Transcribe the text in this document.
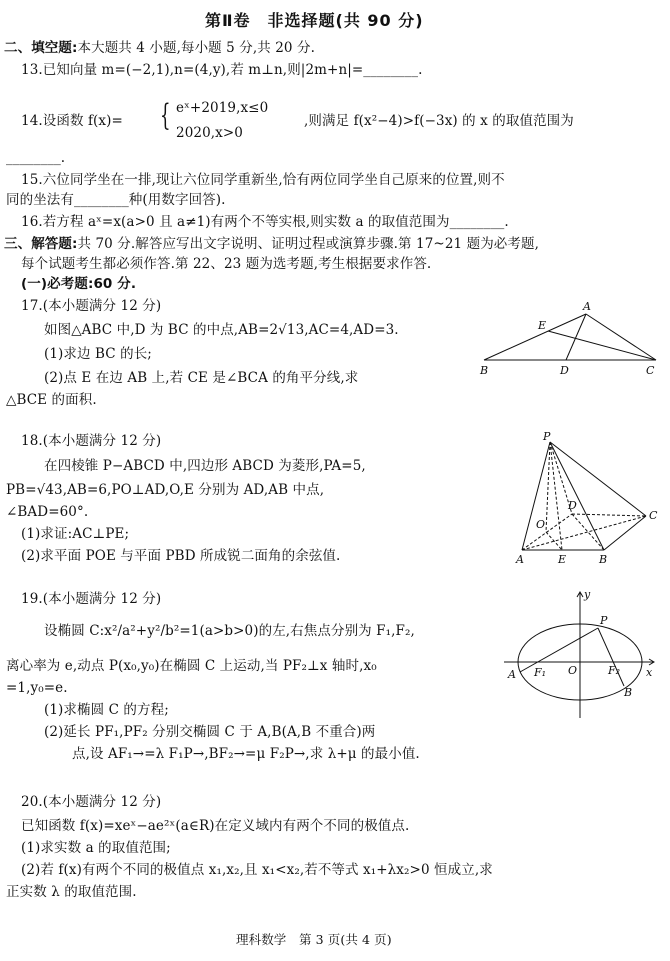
第Ⅱ卷　非选择题(共 90 分)
二、填空题:本大题共 4 小题,每小题 5 分,共 20 分.
13.已知向量 m=(−2,1),n=(4,y),若 m⊥n,则|2m+n|=________.
14.设函数 f(x)= { eˣ+2019,x≤0
2020,x>0
,则满足 f(x²−4)>f(−3x) 的 x 的取值范围为
________.
15.六位同学坐在一排,现让六位同学重新坐,恰有两位同学坐自己原来的位置,则不
同的坐法有________种(用数字回答).
16.若方程 aˣ=x(a>0 且 a≠1)有两个不等实根,则实数 a 的取值范围为________.
三、解答题:共 70 分.解答应写出文字说明、证明过程或演算步骤.第 17~21 题为必考题,
每个试题考生都必须作答.第 22、23 题为选考题,考生根据要求作答.
(一)必考题:60 分.
17.(本小题满分 12 分)
如图△ABC 中,D 为 BC 的中点,AB=2√13,AC=4,AD=3.
(1)求边 BC 的长;
(2)点 E 在边 AB 上,若 CE 是∠BCA 的角平分线,求
△BCE 的面积.
A
E
B	D	C
18.(本小题满分 12 分)
在四棱锥 P−ABCD 中,四边形 ABCD 为菱形,PA=5,
PB=√43,AB=6,PO⊥AD,O,E 分别为 AD,AB 中点,
∠BAD=60°.
(1)求证:AC⊥PE;
(2)求平面 POE 与平面 PBD 所成锐二面角的余弦值.
P
D
O
C
A	E	B
19.(本小题满分 12 分)
设椭圆 C:x²/a²+y²/b²=1(a>b>0)的左,右焦点分别为 F₁,F₂,
离心率为 e,动点 P(x₀,y₀)在椭圆 C 上运动,当 PF₂⊥x 轴时,x₀
=1,y₀=e.
(1)求椭圆 C 的方程;
(2)延长 PF₁,PF₂ 分别交椭圆 C 于 A,B(A,B 不重合)两
点,设 AF₁→=λ F₁P→,BF₂→=μ F₂P→,求 λ+μ 的最小值.
y
P
A F₁ O	F₂ x
B
20.(本小题满分 12 分)
已知函数 f(x)=xeˣ−ae²ˣ(a∈R)在定义域内有两个不同的极值点.
(1)求实数 a 的取值范围;
(2)若 f(x)有两个不同的极值点 x₁,x₂,且 x₁<x₂,若不等式 x₁+λx₂>0 恒成立,求
正实数 λ 的取值范围.
理科数学　第 3 页(共 4 页)
